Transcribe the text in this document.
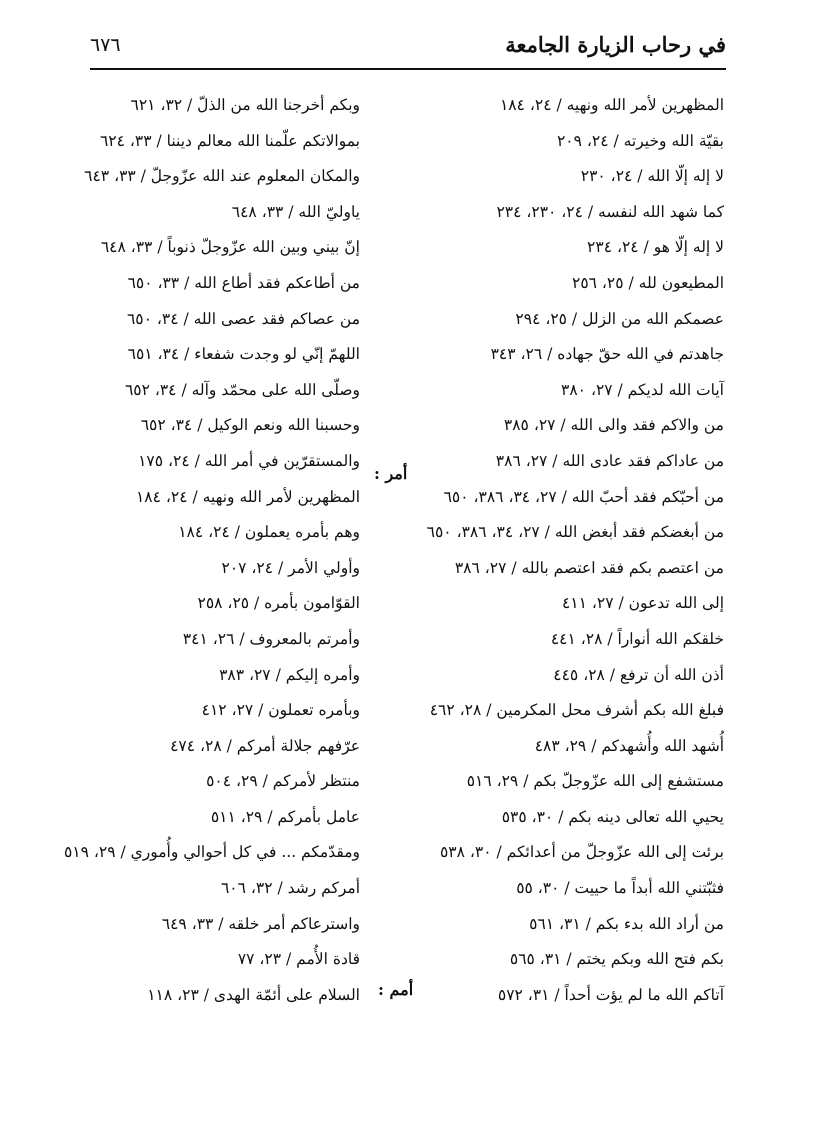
في رحاب الزيارة الجامعة
٦٧٦
المظهرين لأمر الله ونهيه / ٢٤، ١٨٤
بقيّة الله وخيرته / ٢٤، ٢٠٩
لا إله إلّا الله / ٢٤، ٢٣٠
كما شهد الله لنفسه / ٢٤، ٢٣٠، ٢٣٤
لا إله إلّا هو / ٢٤، ٢٣٤
المطيعون لله / ٢٥، ٢٥٦
عصمكم الله من الزلل / ٢٥، ٢٩٤
جاهدتم في الله حقّ جهاده / ٢٦، ٣٤٣
آيات الله لديكم / ٢٧، ٣٨٠
من والاكم فقد والى الله / ٢٧، ٣٨٥
من عاداكم فقد عادى الله / ٢٧، ٣٨٦
من أحبّكم فقد أحبّ الله / ٢٧، ٣٤، ٣٨٦، ٦٥٠
من أبغضكم فقد أبغض الله / ٢٧، ٣٤، ٣٨٦، ٦٥٠
من اعتصم بكم فقد اعتصم بالله / ٢٧، ٣٨٦
إلى الله تدعون / ٢٧، ٤١١
خلقكم الله أنواراً / ٢٨، ٤٤١
أذن الله أن ترفع / ٢٨، ٤٤٥
فبلغ الله بكم أشرف محل المكرمين / ٢٨، ٤٦٢
أُشهد الله وأُشهدكم / ٢٩، ٤٨٣
مستشفع إلى الله عزّوجلّ بكم / ٢٩، ٥١٦
يحيي الله تعالى دينه بكم / ٣٠، ٥٣٥
برئت إلى الله عزّوجلّ من أعدائكم / ٣٠، ٥٣٨
فثبّتني الله أبداً ما حييت / ٣٠، ٥٥
من أراد الله بدء بكم / ٣١، ٥٦١
بكم فتح الله وبكم يختم / ٣١، ٥٦٥
آتاكم الله ما لم يؤت أحداً / ٣١، ٥٧٢
أمر :
أمم :
وبكم أخرجنا الله من الذلّ / ٣٢، ٦٢١
بموالاتكم علّمنا الله معالم ديننا / ٣٣، ٦٢٤
والمكان المعلوم عند الله عزّوجلّ / ٣٣، ٦٤٣
ياوليّ الله / ٣٣، ٦٤٨
إنّ بيني وبين الله عزّوجلّ ذنوباً / ٣٣، ٦٤٨
من أطاعكم فقد أطاع الله / ٣٣، ٦٥٠
من عصاكم فقد عصى الله / ٣٤، ٦٥٠
اللهمّ إنّي لو وجدت شفعاء / ٣٤، ٦٥١
وصلّى الله على محمّد وآله / ٣٤، ٦٥٢
وحسبنا الله ونعم الوكيل / ٣٤، ٦٥٢
والمستقرّين في أمر الله / ٢٤، ١٧٥
المظهرين لأمر الله ونهيه / ٢٤، ١٨٤
وهم بأمره يعملون / ٢٤، ١٨٤
وأولي الأمر / ٢٤، ٢٠٧
القوّامون بأمره / ٢٥، ٢٥٨
وأمرتم بالمعروف / ٢٦، ٣٤١
وأمره إليكم / ٢٧، ٣٨٣
وبأمره تعملون / ٢٧، ٤١٢
عرّفهم جلالة أمركم / ٢٨، ٤٧٤
منتظر لأمركم / ٢٩، ٥٠٤
عامل بأمركم / ٢٩، ٥١١
ومقدّمكم ... في كل أحوالي وأُموري / ٢٩، ٥١٩
أمركم رشد / ٣٢، ٦٠٦
واسترعاكم أمر خلقه / ٣٣، ٦٤٩
قادة الأُمم / ٢٣، ٧٧
السلام على أئمّة الهدى / ٢٣، ١١٨
